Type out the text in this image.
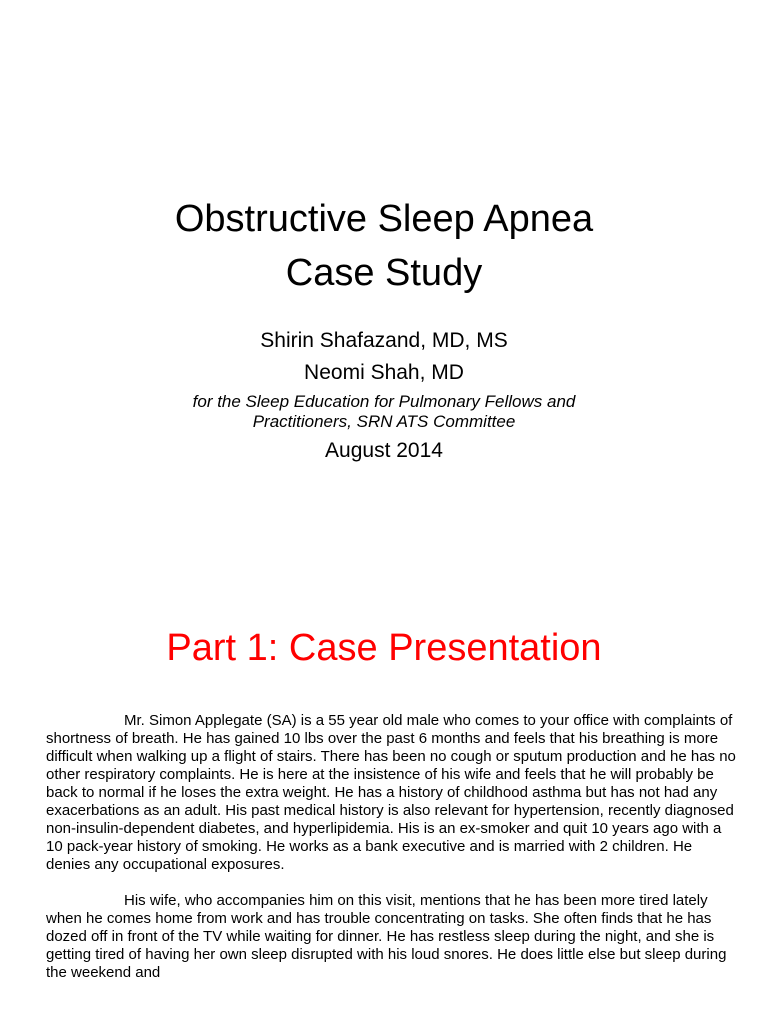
Obstructive Sleep Apnea
Case Study
Shirin Shafazand, MD, MS
Neomi Shah, MD
for the Sleep Education for Pulmonary Fellows and
Practitioners, SRN ATS Committee
August 2014
Part 1: Case Presentation

Mr. Simon Applegate (SA) is a 55 year old male who comes to your office with complaints of shortness of breath. He has gained 10 lbs over the past 6 months and feels that his breathing is more difficult when walking up a flight of stairs. There has been no cough or sputum production and he has no other respiratory complaints. He is here at the insistence of his wife and feels that he will probably be back to normal if he loses the extra weight. He has a history of childhood asthma but has not had any exacerbations as an adult. His past medical history is also relevant for hypertension, recently diagnosed non-insulin-dependent diabetes, and hyperlipidemia. His is an ex-smoker and quit 10 years ago with a 10 pack-year history of smoking. He works as a bank executive and is married with 2 children. He denies any occupational exposures.

His wife, who accompanies him on this visit, mentions that he has been more tired lately when he comes home from work and has trouble concentrating on tasks. She often finds that he has dozed off in front of the TV while waiting for dinner. He has restless sleep during the night, and she is getting tired of having her own sleep disrupted with his loud snores. He does little else but sleep during the weekend and
